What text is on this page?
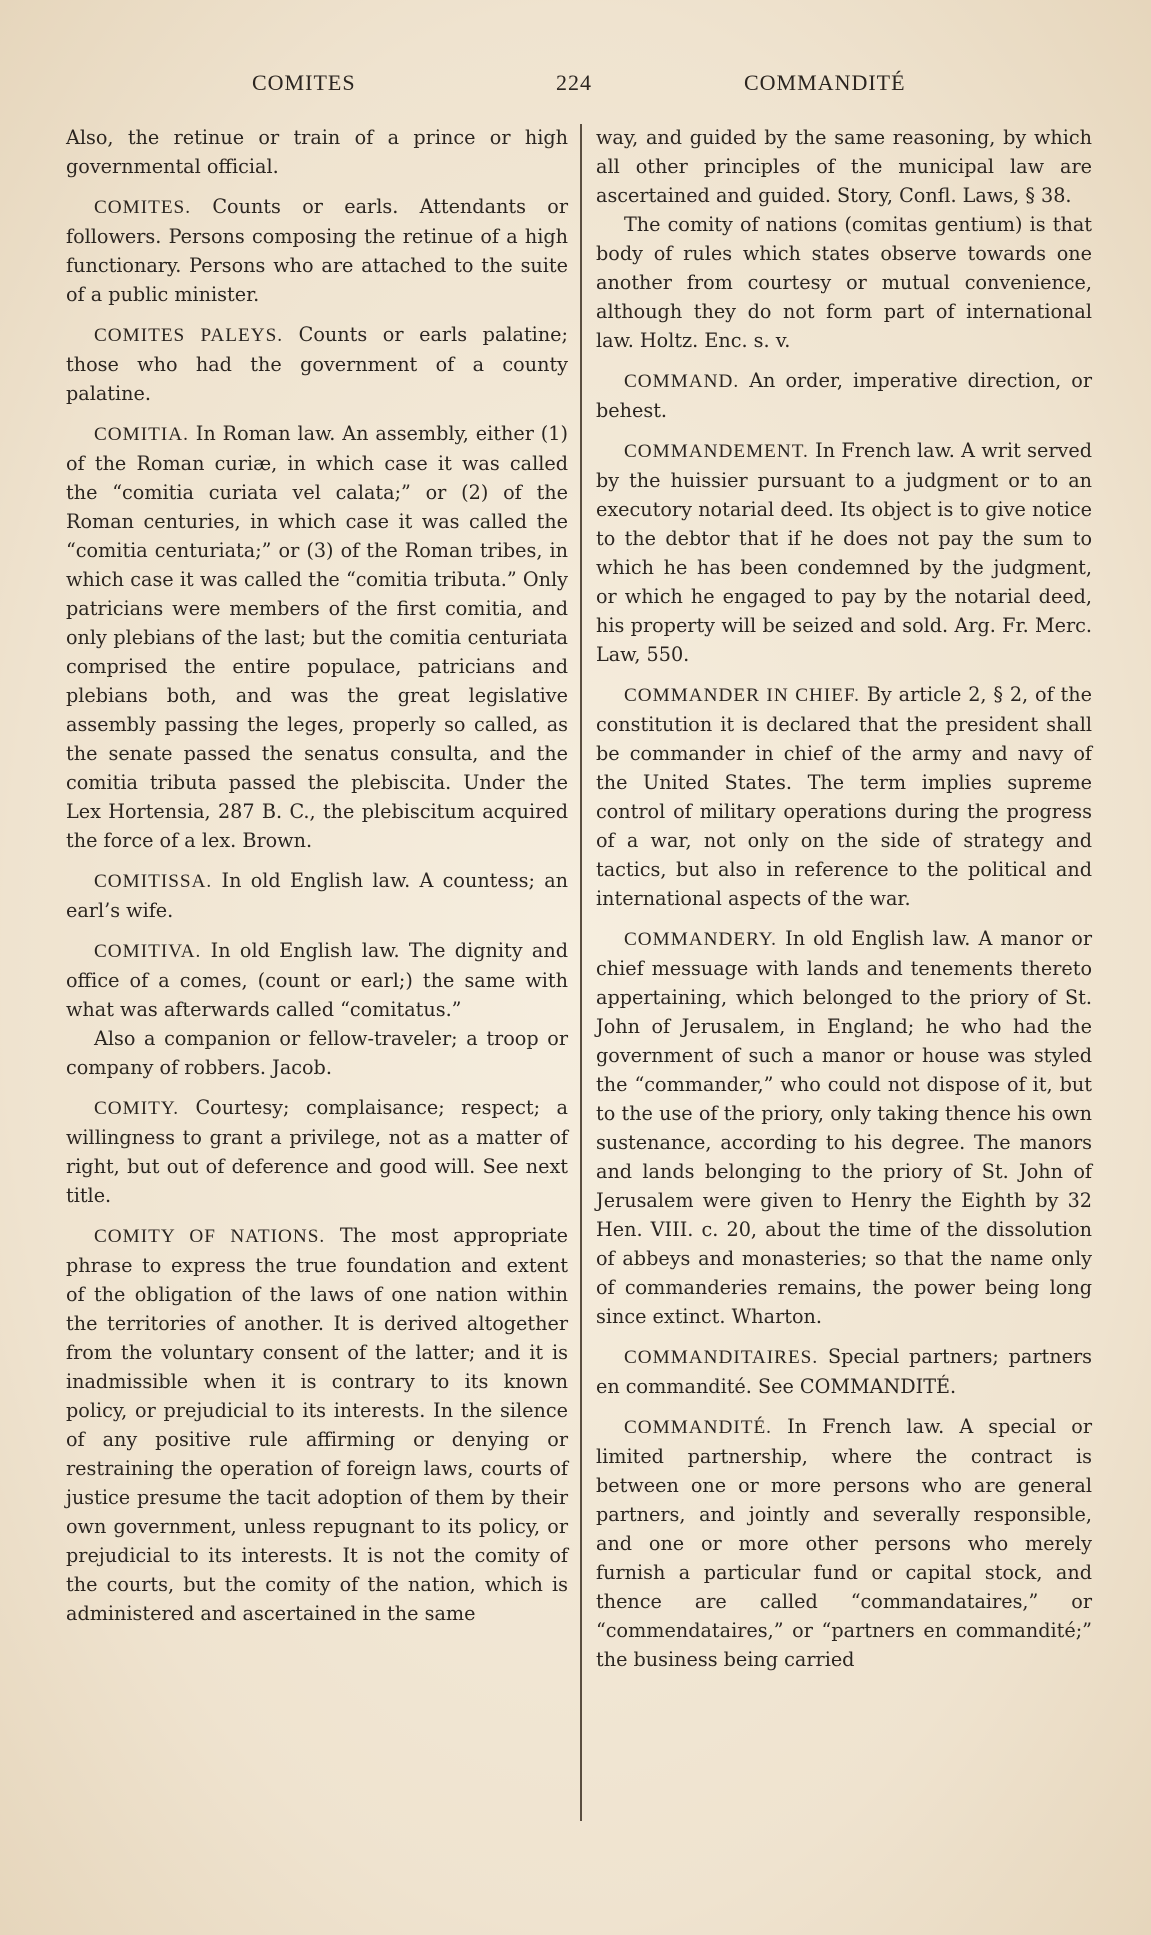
COMITES	224	COMMANDITÉ

Also, the retinue or train of a prince or high governmental official.

COMITES. Counts or earls. Attendants or followers. Persons composing the retinue of a high functionary. Persons who are attached to the suite of a public minister.

COMITES PALEYS. Counts or earls palatine; those who had the government of a county palatine.

COMITIA. In Roman law. An assembly, either (1) of the Roman curiæ, in which case it was called the “comitia curiata vel calata;” or (2) of the Roman centuries, in which case it was called the “comitia centuriata;” or (3) of the Roman tribes, in which case it was called the “comitia tributa.” Only patricians were members of the first comitia, and only plebians of the last; but the comitia centuriata comprised the entire populace, patricians and plebians both, and was the great legislative assembly passing the leges, properly so called, as the senate passed the senatus consulta, and the comitia tributa passed the plebiscita. Under the Lex Hortensia, 287 B. C., the plebiscitum acquired the force of a lex. Brown.

COMITISSA. In old English law. A countess; an earl’s wife.

COMITIVA. In old English law. The dignity and office of a comes, (count or earl;) the same with what was afterwards called “comitatus.”

Also a companion or fellow-traveler; a troop or company of robbers. Jacob.

COMITY. Courtesy; complaisance; respect; a willingness to grant a privilege, not as a matter of right, but out of deference and good will. See next title.

COMITY OF NATIONS. The most appropriate phrase to express the true foundation and extent of the obligation of the laws of one nation within the territories of another. It is derived altogether from the voluntary consent of the latter; and it is inadmissible when it is contrary to its known policy, or prejudicial to its interests. In the silence of any positive rule affirming or denying or restraining the operation of foreign laws, courts of justice presume the tacit adoption of them by their own government, unless repugnant to its policy, or prejudicial to its interests. It is not the comity of the courts, but the comity of the nation, which is administered and ascertained in the same

way, and guided by the same reasoning, by which all other principles of the municipal law are ascertained and guided. Story, Confl. Laws, § 38.

The comity of nations (comitas gentium) is that body of rules which states observe towards one another from courtesy or mutual convenience, although they do not form part of international law. Holtz. Enc. s. v.

COMMAND. An order, imperative direction, or behest.

COMMANDEMENT. In French law. A writ served by the huissier pursuant to a judgment or to an executory notarial deed. Its object is to give notice to the debtor that if he does not pay the sum to which he has been condemned by the judgment, or which he engaged to pay by the notarial deed, his property will be seized and sold. Arg. Fr. Merc. Law, 550.

COMMANDER IN CHIEF. By article 2, § 2, of the constitution it is declared that the president shall be commander in chief of the army and navy of the United States. The term implies supreme control of military operations during the progress of a war, not only on the side of strategy and tactics, but also in reference to the political and international aspects of the war.

COMMANDERY. In old English law. A manor or chief messuage with lands and tenements thereto appertaining, which belonged to the priory of St. John of Jerusalem, in England; he who had the government of such a manor or house was styled the “commander,” who could not dispose of it, but to the use of the priory, only taking thence his own sustenance, according to his degree. The manors and lands belonging to the priory of St. John of Jerusalem were given to Henry the Eighth by 32 Hen. VIII. c. 20, about the time of the dissolution of abbeys and monasteries; so that the name only of commanderies remains, the power being long since extinct. Wharton.

COMMANDITAIRES. Special partners; partners en commandité. See COMMANDITÉ.

COMMANDITÉ. In French law. A special or limited partnership, where the contract is between one or more persons who are general partners, and jointly and severally responsible, and one or more other persons who merely furnish a particular fund or capital stock, and thence are called “commandataires,” or “commendataires,” or “partners en commandité;” the business being carried
